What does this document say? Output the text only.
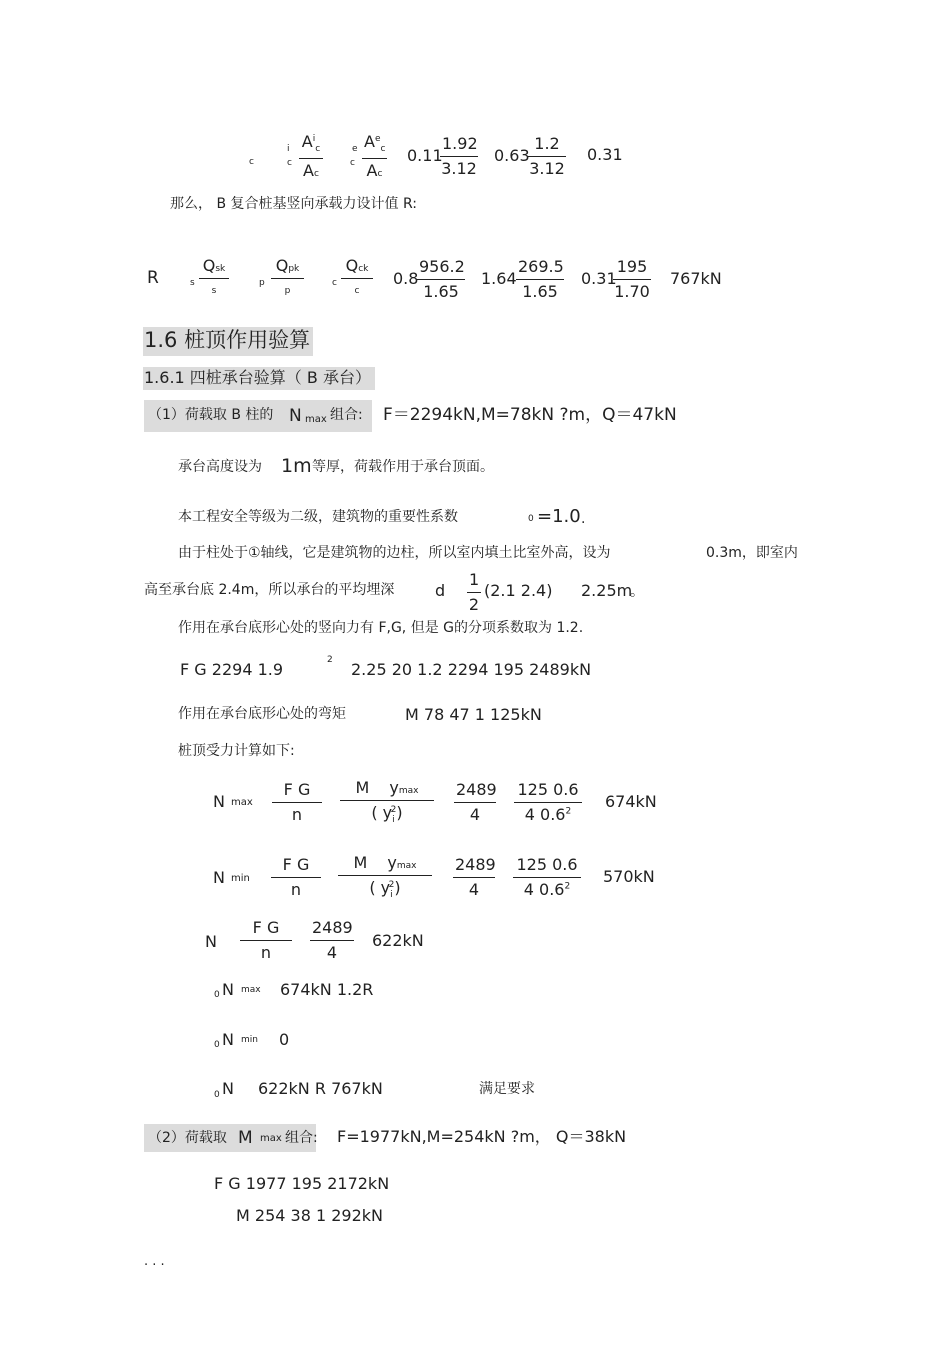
c
i
c
$A^i_c$
Ac
e
c
$A^e_c$
Ac
0.11
$\frac{1.92}{3.12} 0.63$
$\frac{1.2}{3.12} 0.31$
那么， B 复合桩基竖向承载力设计值 R:
R	s
Qsk
s
p
Qpk
p
c
Qck
c
0.8
$\frac{956.2}{1.65} 1.64 \frac{269.5}{1.65} 0.31$
$\frac{195}{1.70} 767kN$
1.6 桩顶作用验算
1.6.1 四桩承台验算（ B 承台）
（1）荷载取 B 柱的 N max 组合: F＝2294kN,M=78kN ?m，Q＝47kN
承台高度设为 1m 等厚，荷载作用于承台顶面。
本工程安全等级为二级，建筑物的重要性系数	0 =1.0 .
由于柱处于①轴线，它是建筑物的边柱，所以室内填土比室外高，设为	0.3m，即室内
高至承台底 2.4m，所以承台的平均埋深	d $\frac{1}{2} (2.1$ 2.4) 2.25m
。
作用在承台底形心处的竖向力有 F,G, 但是 G的分项系数取为 1.2.
F G 2294 1.9	2 2.25 20 1.2 2294 195 2489kN
作用在承台底形心处的弯矩	M 78 47 1 125kN
桩顶受力计算如下:
N $\max \frac{\text{F G}}{n}$	M ymax
( $y_i^2$)	$\frac{2489}{4} \frac{125 0.6}{4 0.6^2} 674kN$
N $\min \frac{\text{F G}}{n}$	M ymax
( $y_i^2$)	$\frac{2489}{4} \frac{125 0.6}{4 0.6^2} 570kN$
N $\frac{\text{F G}}{n} \frac{2489}{4} 622kN$
0 N max 674kN 1.2R
0 N min 0
0 N 622kN R 767kN	满足要求
（2）荷载取 M max 组合: F=1977kN,M=254kN ?m， Q＝38kN
F G 1977 195 2172kN
M 254 38 1 292kN
. . .
